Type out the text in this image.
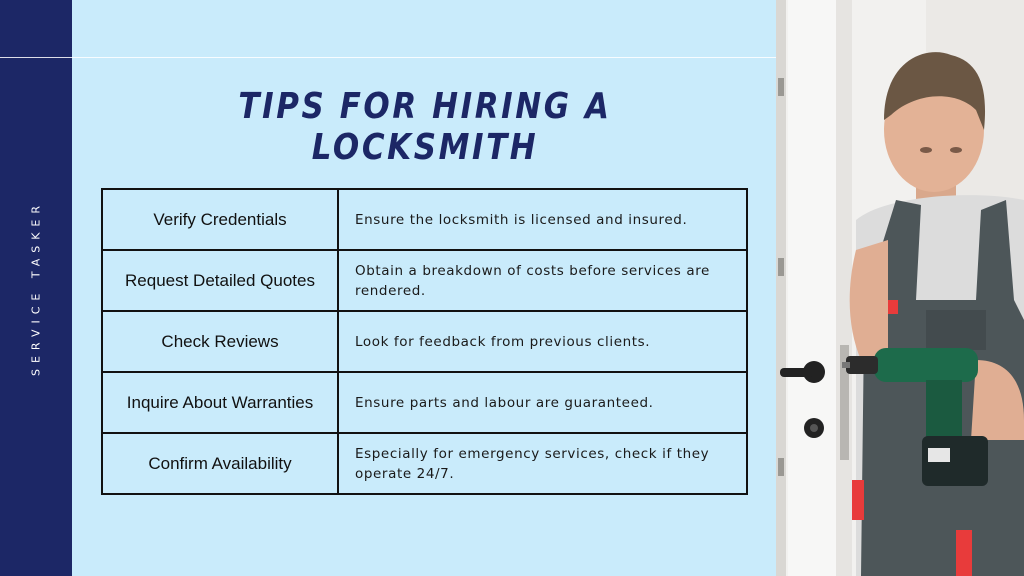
SERVICE TASKER
TIPS FOR HIRING A LOCKSMITH
Verify Credentials	Ensure the locksmith is licensed and insured.
Request Detailed Quotes	Obtain a breakdown of costs before services are rendered.
Check Reviews	Look for feedback from previous clients.
Inquire About Warranties	Ensure parts and labour are guaranteed.
Confirm Availability	Especially for emergency services, check if they operate 24/7.
